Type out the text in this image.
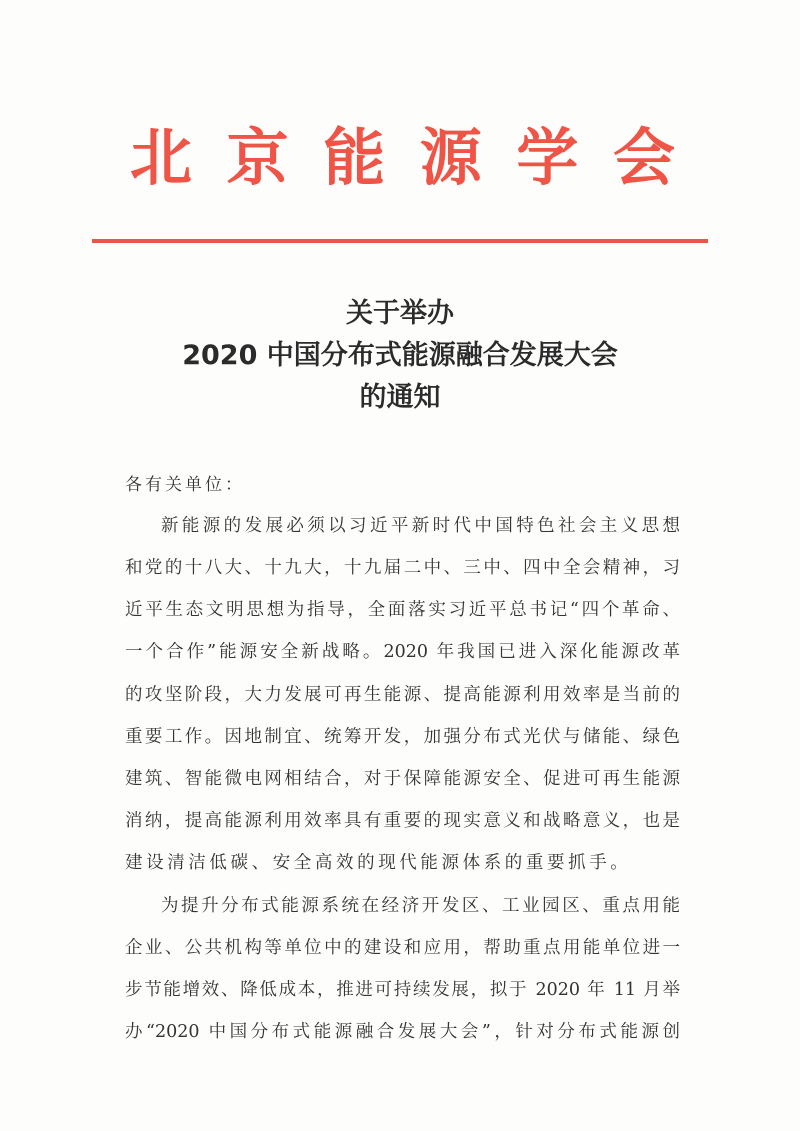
北 京 能 源 学 会
关于举办
2020 中国分布式能源融合发展大会
的通知
各有关单位：
新能源的发展必须以习近平新时代中国特色社会主义思想
和党的十八大、十九大，十九届二中、三中、四中全会精神，习
近平生态文明思想为指导，全面落实习近平总书记“四个革命、
一个合作”能源安全新战略。2020 年我国已进入深化能源改革
的攻坚阶段，大力发展可再生能源、提高能源利用效率是当前的
重要工作。因地制宜、统筹开发，加强分布式光伏与储能、绿色
建筑、智能微电网相结合，对于保障能源安全、促进可再生能源
消纳，提高能源利用效率具有重要的现实意义和战略意义，也是
建设清洁低碳、安全高效的现代能源体系的重要抓手。
为提升分布式能源系统在经济开发区、工业园区、重点用能
企业、公共机构等单位中的建设和应用，帮助重点用能单位进一
步节能增效、降低成本，推进可持续发展，拟于 2020 年 11 月举
办“2020 中国分布式能源融合发展大会”，针对分布式能源创
